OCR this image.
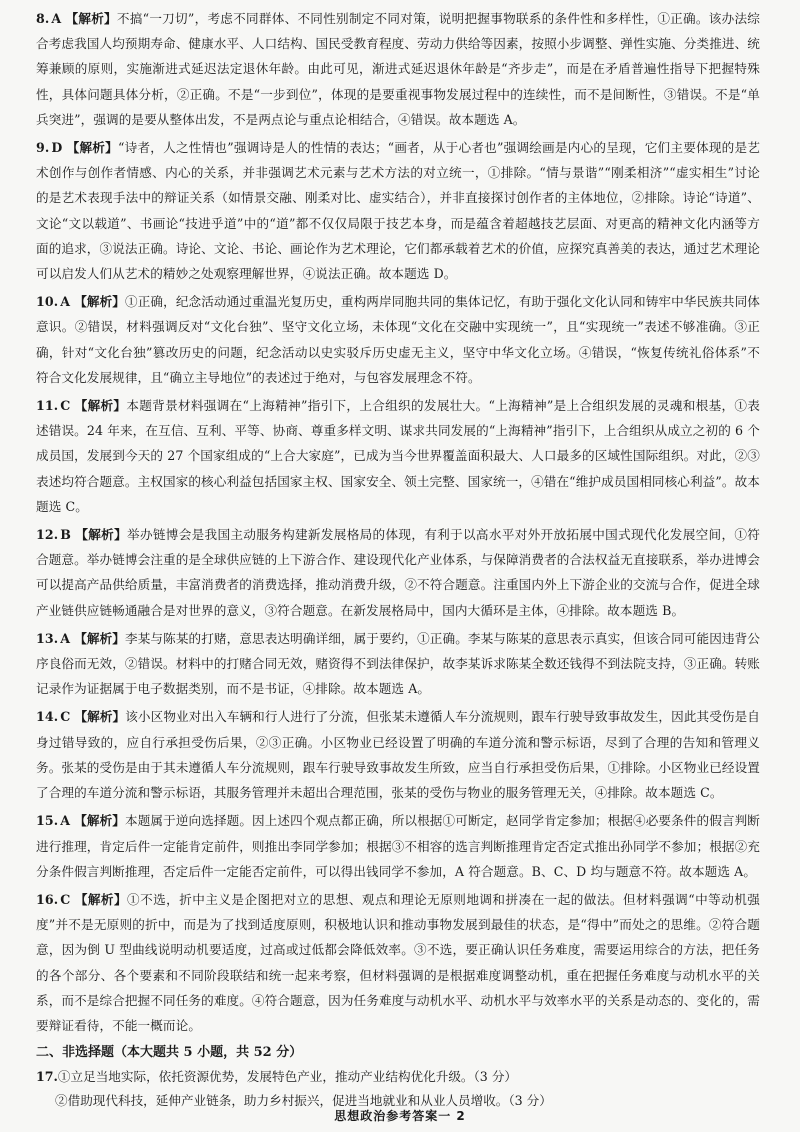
8. A 【解析】不搞“一刀切”，考虑不同群体、不同性别制定不同对策，说明把握事物联系的条件性和多样性，①正确。该办法综合考虑我国人均预期寿命、健康水平、人口结构、国民受教育程度、劳动力供给等因素，按照小步调整、弹性实施、分类推进、统筹兼顾的原则，实施渐进式延迟法定退休年龄。由此可见，渐进式延迟退休年龄是“齐步走”，而是在矛盾普遍性指导下把握特殊性，具体问题具体分析，②正确。不是“一步到位”，体现的是要重视事物发展过程中的连续性，而不是间断性，③错误。不是“单兵突进”，强调的是要从整体出发，不是两点论与重点论相结合，④错误。故本题选 A。

9. D 【解析】“诗者，人之性情也”强调诗是人的性情的表达；“画者，从于心者也”强调绘画是内心的呈现，它们主要体现的是艺术创作与创作者情感、内心的关系，并非强调艺术元素与艺术方法的对立统一，①排除。“情与景谐”“刚柔相济”“虚实相生”讨论的是艺术表现手法中的辩证关系（如情景交融、刚柔对比、虚实结合），并非直接探讨创作者的主体地位，②排除。诗论“诗道”、文论“文以载道”、书画论“技进乎道”中的“道”都不仅仅局限于技艺本身，而是蕴含着超越技艺层面、对更高的精神文化内涵等方面的追求，③说法正确。诗论、文论、书论、画论作为艺术理论，它们都承载着艺术的价值，应探究真善美的表达，通过艺术理论可以启发人们从艺术的精妙之处观察理解世界，④说法正确。故本题选 D。

10. A 【解析】①正确，纪念活动通过重温光复历史，重构两岸同胞共同的集体记忆，有助于强化文化认同和铸牢中华民族共同体意识。②错误，材料强调反对“文化台独”、坚守文化立场，未体现“文化在交融中实现统一”，且“实现统一”表述不够准确。③正确，针对“文化台独”篡改历史的问题，纪念活动以史实驳斥历史虚无主义，坚守中华文化立场。④错误，“恢复传统礼俗体系”不符合文化发展规律，且“确立主导地位”的表述过于绝对，与包容发展理念不符。

11. C 【解析】本题背景材料强调在“上海精神”指引下，上合组织的发展壮大。“上海精神”是上合组织发展的灵魂和根基，①表述错误。24 年来，在互信、互利、平等、协商、尊重多样文明、谋求共同发展的“上海精神”指引下，上合组织从成立之初的 6 个成员国，发展到今天的 27 个国家组成的“上合大家庭”，已成为当今世界覆盖面积最大、人口最多的区域性国际组织。对此，②③表述均符合题意。主权国家的核心利益包括国家主权、国家安全、领土完整、国家统一，④错在“维护成员国相同核心利益”。故本题选 C。

12. B 【解析】举办链博会是我国主动服务构建新发展格局的体现，有利于以高水平对外开放拓展中国式现代化发展空间，①符合题意。举办链博会注重的是全球供应链的上下游合作、建设现代化产业体系，与保障消费者的合法权益无直接联系，举办进博会可以提高产品供给质量，丰富消费者的消费选择，推动消费升级，②不符合题意。注重国内外上下游企业的交流与合作，促进全球产业链供应链畅通融合是对世界的意义，③符合题意。在新发展格局中，国内大循环是主体，④排除。故本题选 B。

13. A 【解析】李某与陈某的打赌，意思表达明确详细，属于要约，①正确。李某与陈某的意思表示真实，但该合同可能因违背公序良俗而无效，②错误。材料中的打赌合同无效，赌资得不到法律保护，故李某诉求陈某全数还钱得不到法院支持，③正确。转账记录作为证据属于电子数据类别，而不是书证，④排除。故本题选 A。

14. C 【解析】该小区物业对出入车辆和行人进行了分流，但张某未遵循人车分流规则，跟车行驶导致事故发生，因此其受伤是自身过错导致的，应自行承担受伤后果，②③正确。小区物业已经设置了明确的车道分流和警示标语，尽到了合理的告知和管理义务。张某的受伤是由于其未遵循人车分流规则，跟车行驶导致事故发生所致，应当自行承担受伤后果，①排除。小区物业已经设置了合理的车道分流和警示标语，其服务管理并未超出合理范围，张某的受伤与物业的服务管理无关，④排除。故本题选 C。

15. A 【解析】本题属于逆向选择题。因上述四个观点都正确，所以根据①可断定，赵同学肯定参加；根据④必要条件的假言判断进行推理，肯定后件一定能肯定前件，则推出李同学参加；根据③不相容的选言判断推理肯定否定式推出孙同学不参加；根据②充分条件假言判断推理，否定后件一定能否定前件，可以得出钱同学不参加，A 符合题意。B、C、D 均与题意不符。故本题选 A。

16. C 【解析】①不选，折中主义是企图把对立的思想、观点和理论无原则地调和拼凑在一起的做法。但材料强调“中等动机强度”并不是无原则的折中，而是为了找到适度原则，积极地认识和推动事物发展到最佳的状态，是“得中”而处之的思维。②符合题意，因为倒 U 型曲线说明动机要适度，过高或过低都会降低效率。③不选，要正确认识任务难度，需要运用综合的方法，把任务的各个部分、各个要素和不同阶段联结和统一起来考察，但材料强调的是根据难度调整动机，重在把握任务难度与动机水平的关系，而不是综合把握不同任务的难度。④符合题意，因为任务难度与动机水平、动机水平与效率水平的关系是动态的、变化的，需要辩证看待，不能一概而论。

二、非选择题（本大题共 5 小题，共 52 分）

17.①立足当地实际，依托资源优势，发展特色产业，推动产业结构优化升级。（3 分）

②借助现代科技，延伸产业链条，助力乡村振兴，促进当地就业和从业人员增收。（3 分）

思想政治参考答案一 2
